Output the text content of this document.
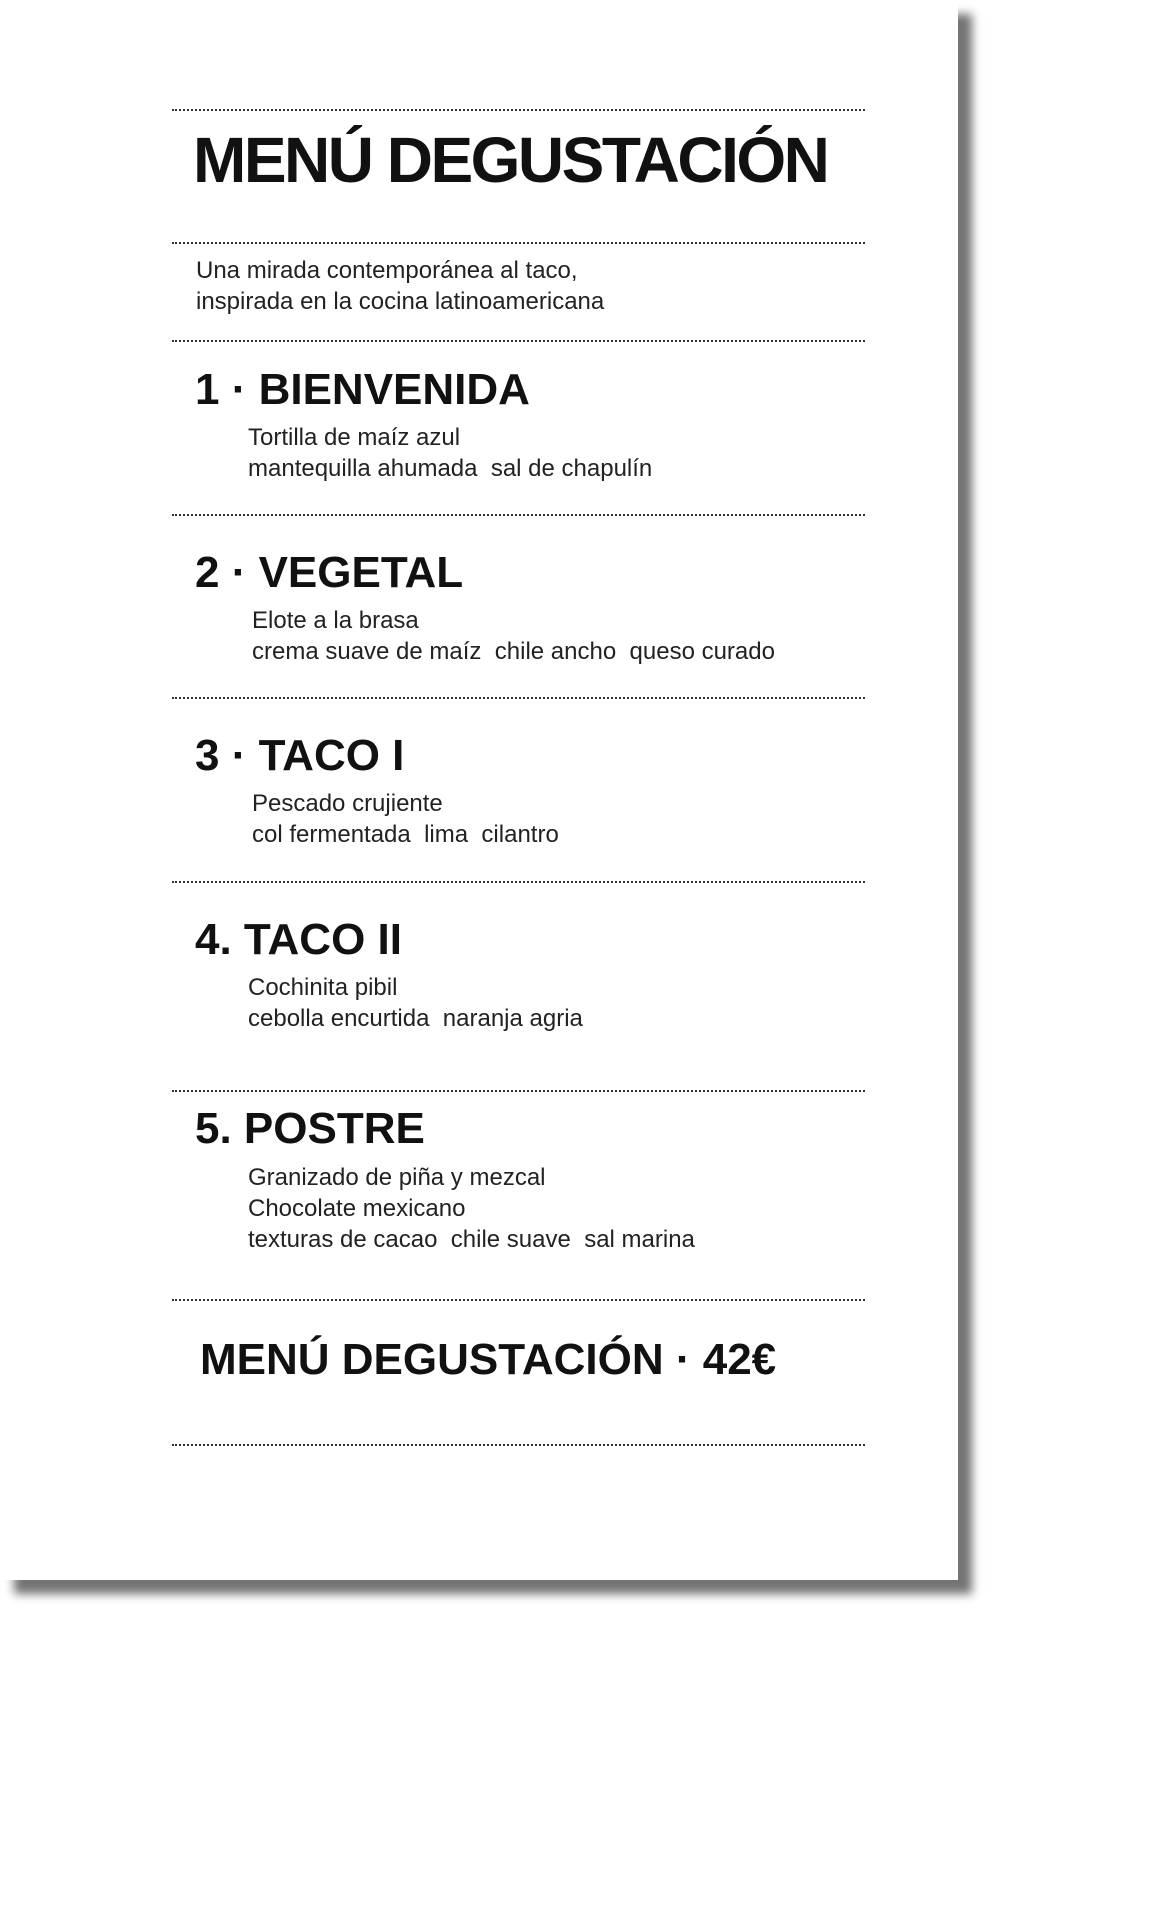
MENÚ DEGUSTACIÓN
Una mirada contemporánea al taco,
inspirada en la cocina latinoamericana
1 · BIENVENIDA
Tortilla de maíz azul
mantequilla ahumada  sal de chapulín
2 · VEGETAL
Elote a la brasa
crema suave de maíz  chile ancho  queso curado
3 · TACO I
Pescado crujiente
col fermentada  lima  cilantro
4. TACO II
Cochinita pibil
cebolla encurtida  naranja agria
5. POSTRE
Granizado de piña y mezcal
Chocolate mexicano
texturas de cacao  chile suave  sal marina
MENÚ DEGUSTACIÓN · 42€
